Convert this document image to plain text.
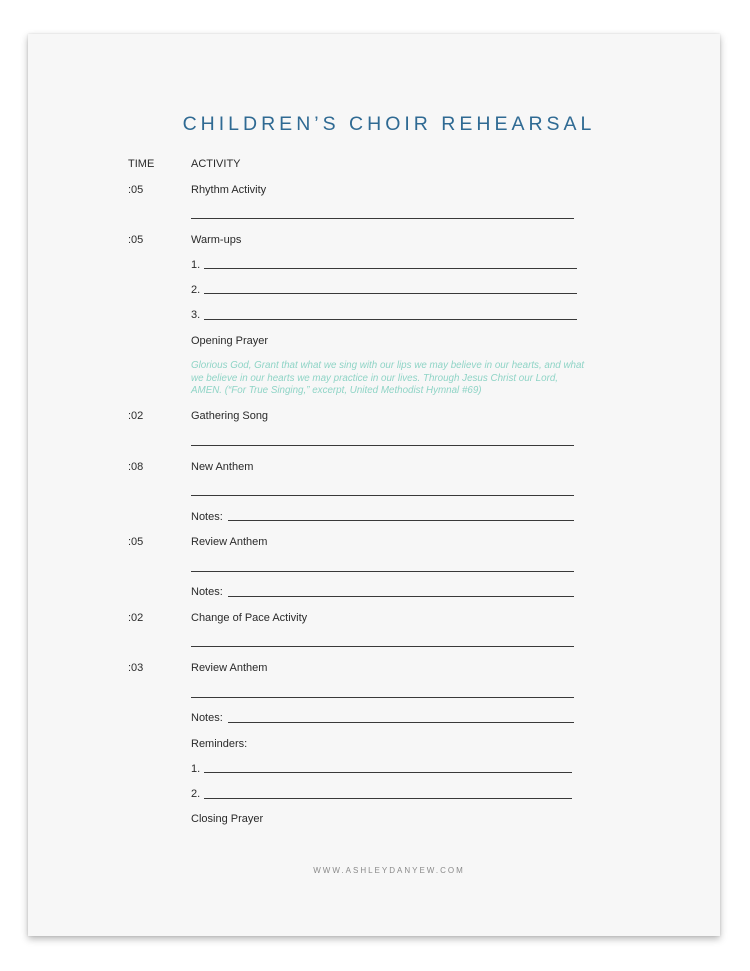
CHILDREN’S CHOIR REHEARSAL
TIME	ACTIVITY
:05	Rhythm Activity
:05	Warm-ups
1.
2.
3.
Opening Prayer

Glorious God, Grant that what we sing with our lips we may believe in our hearts, and what we believe in our hearts we may practice in our lives. Through Jesus Christ our Lord, AMEN. (“For True Singing,” excerpt, United Methodist Hymnal #69)

:02	Gathering Song
:08	New Anthem
Notes:
:05	Review Anthem
Notes:
:02	Change of Pace Activity
:03	Review Anthem
Notes:
Reminders:
1.
2.
Closing Prayer
WWW.ASHLEYDANYEW.COM
